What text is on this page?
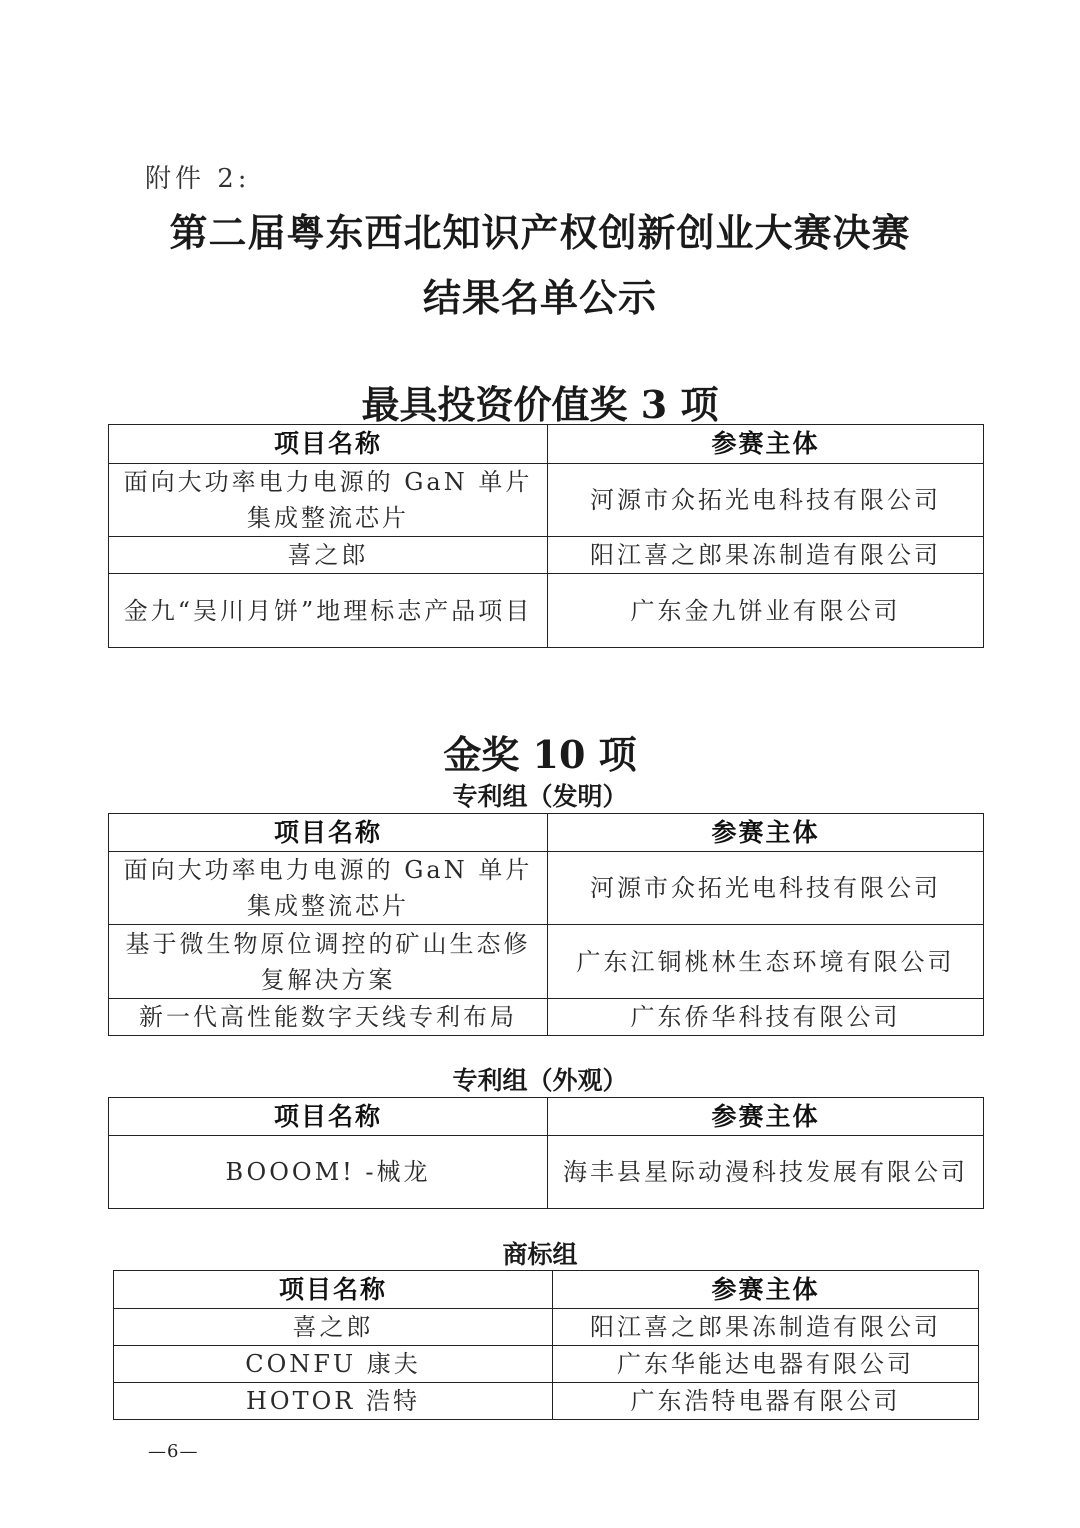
附件 2:
第二届粤东西北知识产权创新创业大赛决赛
结果名单公示
最具投资价值奖 3 项
项目名称	参赛主体
面向大功率电力电源的 GaN 单片集成整流芯片	河源市众拓光电科技有限公司
喜之郎	阳江喜之郎果冻制造有限公司
金九“吴川月饼”地理标志产品项目	广东金九饼业有限公司
金奖 10 项
专利组（发明）
项目名称	参赛主体
面向大功率电力电源的 GaN 单片集成整流芯片	河源市众拓光电科技有限公司
基于微生物原位调控的矿山生态修复解决方案	广东江铜桃林生态环境有限公司
新一代高性能数字天线专利布局	广东侨华科技有限公司
专利组（外观）
项目名称	参赛主体
BOOOM! -械龙	海丰县星际动漫科技发展有限公司
商标组
项目名称	参赛主体
喜之郎	阳江喜之郎果冻制造有限公司
CONFU 康夫	广东华能达电器有限公司
HOTOR 浩特	广东浩特电器有限公司
—6—
